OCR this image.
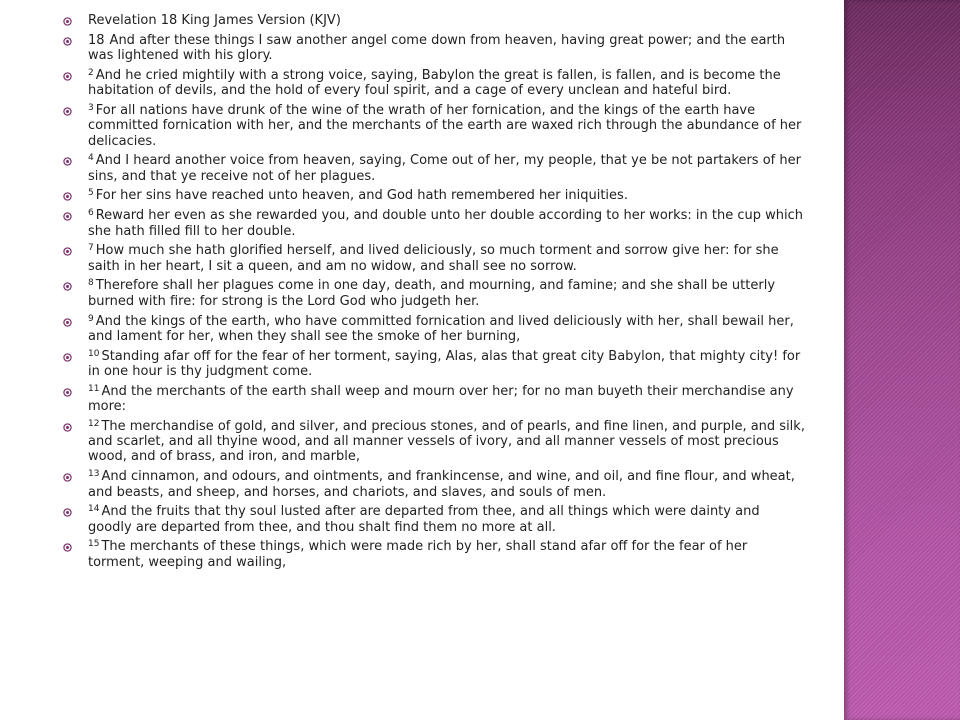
Revelation 18 King James Version (KJV)
18 And after these things I saw another angel come down from heaven, having great power; and the earth was lightened with his glory.
$^2$ And he cried mightily with a strong voice, saying, Babylon the great is fallen, is fallen, and is become the habitation of devils, and the hold of every foul spirit, and a cage of every unclean and hateful bird.
$^3$ For all nations have drunk of the wine of the wrath of her fornication, and the kings of the earth have committed fornication with her, and the merchants of the earth are waxed rich through the abundance of her delicacies.
$^4$ And I heard another voice from heaven, saying, Come out of her, my people, that ye be not partakers of her sins, and that ye receive not of her plagues.
$^5$ For her sins have reached unto heaven, and God hath remembered her iniquities.
$^6$ Reward her even as she rewarded you, and double unto her double according to her works: in the cup which she hath filled fill to her double.
$^7$ How much she hath glorified herself, and lived deliciously, so much torment and sorrow give her: for she saith in her heart, I sit a queen, and am no widow, and shall see no sorrow.
$^8$ Therefore shall her plagues come in one day, death, and mourning, and famine; and she shall be utterly burned with fire: for strong is the Lord God who judgeth her.
$^9$ And the kings of the earth, who have committed fornication and lived deliciously with her, shall bewail her, and lament for her, when they shall see the smoke of her burning,
$^{10}$ Standing afar off for the fear of her torment, saying, Alas, alas that great city Babylon, that mighty city! for in one hour is thy judgment come.
$^{11}$ And the merchants of the earth shall weep and mourn over her; for no man buyeth their merchandise any more:
$^{12}$ The merchandise of gold, and silver, and precious stones, and of pearls, and fine linen, and purple, and silk, and scarlet, and all thyine wood, and all manner vessels of ivory, and all manner vessels of most precious wood, and of brass, and iron, and marble,
$^{13}$ And cinnamon, and odours, and ointments, and frankincense, and wine, and oil, and fine flour, and wheat, and beasts, and sheep, and horses, and chariots, and slaves, and souls of men.
$^{14}$ And the fruits that thy soul lusted after are departed from thee, and all things which were dainty and goodly are departed from thee, and thou shalt find them no more at all.
$^{15}$ The merchants of these things, which were made rich by her, shall stand afar off for the fear of her torment, weeping and wailing,
